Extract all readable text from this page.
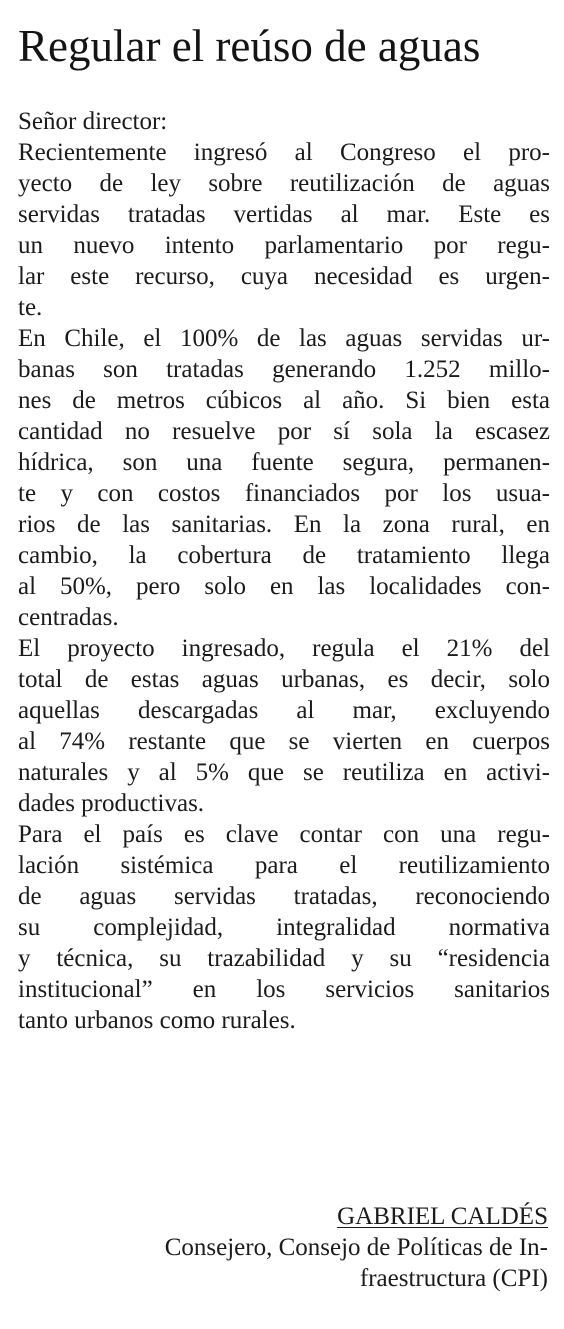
Regular el reúso de aguas
Señor director:
Recientemente ingresó al Congreso el pro-
yecto de ley sobre reutilización de aguas
servidas tratadas vertidas al mar. Este es
un nuevo intento parlamentario por regu-
lar este recurso, cuya necesidad es urgen-
te.
En Chile, el 100% de las aguas servidas ur-
banas son tratadas generando 1.252 millo-
nes de metros cúbicos al año. Si bien esta
cantidad no resuelve por sí sola la escasez
hídrica, son una fuente segura, permanen-
te y con costos financiados por los usua-
rios de las sanitarias. En la zona rural, en
cambio, la cobertura de tratamiento llega
al 50%, pero solo en las localidades con-
centradas.
El proyecto ingresado, regula el 21% del
total de estas aguas urbanas, es decir, solo
aquellas descargadas al mar, excluyendo
al 74% restante que se vierten en cuerpos
naturales y al 5% que se reutiliza en activi-
dades productivas.
Para el país es clave contar con una regu-
lación sistémica para el reutilizamiento
de aguas servidas tratadas, reconociendo
su complejidad, integralidad normativa
y técnica, su trazabilidad y su “residencia
institucional” en los servicios sanitarios
tanto urbanos como rurales.
GABRIEL CALDÉS
Consejero, Consejo de Políticas de In-
fraestructura (CPI)
